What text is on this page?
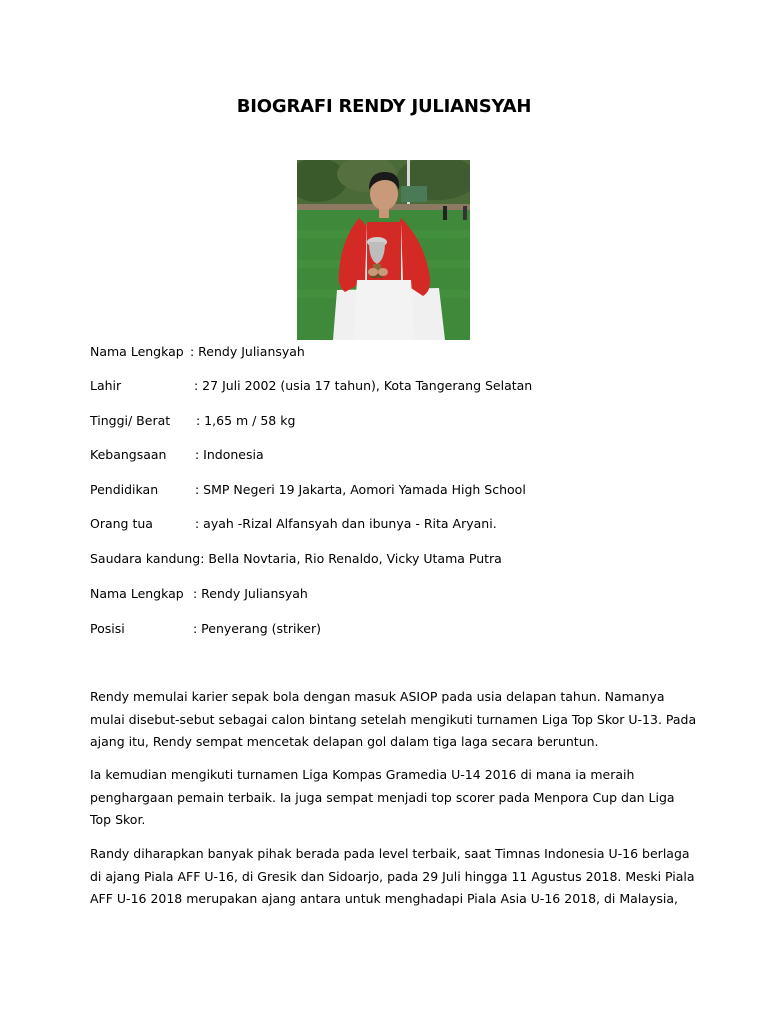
BIOGRAFI RENDY JULIANSYAH
Nama Lengkap : Rendy Juliansyah
Lahir	: 27 Juli 2002 (usia 17 tahun), Kota Tangerang Selatan
Tinggi/ Berat : 1,65 m / 58 kg
Kebangsaan : Indonesia
Pendidikan	: SMP Negeri 19 Jakarta, Aomori Yamada High School
Orang tua	: ayah -Rizal Alfansyah dan ibunya - Rita Aryani.
Saudara kandung: Bella Novtaria, Rio Renaldo, Vicky Utama Putra
Nama Lengkap : Rendy Juliansyah
Posisi	: Penyerang (striker)
Rendy memulai karier sepak bola dengan masuk ASIOP pada usia delapan tahun. Namanya
mulai disebut-sebut sebagai calon bintang setelah mengikuti turnamen Liga Top Skor U-13. Pada
ajang itu, Rendy sempat mencetak delapan gol dalam tiga laga secara beruntun.
Ia kemudian mengikuti turnamen Liga Kompas Gramedia U-14 2016 di mana ia meraih
penghargaan pemain terbaik. Ia juga sempat menjadi top scorer pada Menpora Cup dan Liga
Top Skor.
Randy diharapkan banyak pihak berada pada level terbaik, saat Timnas Indonesia U-16 berlaga
di ajang Piala AFF U-16, di Gresik dan Sidoarjo, pada 29 Juli hingga 11 Agustus 2018. Meski Piala
AFF U-16 2018 merupakan ajang antara untuk menghadapi Piala Asia U-16 2018, di Malaysia,
